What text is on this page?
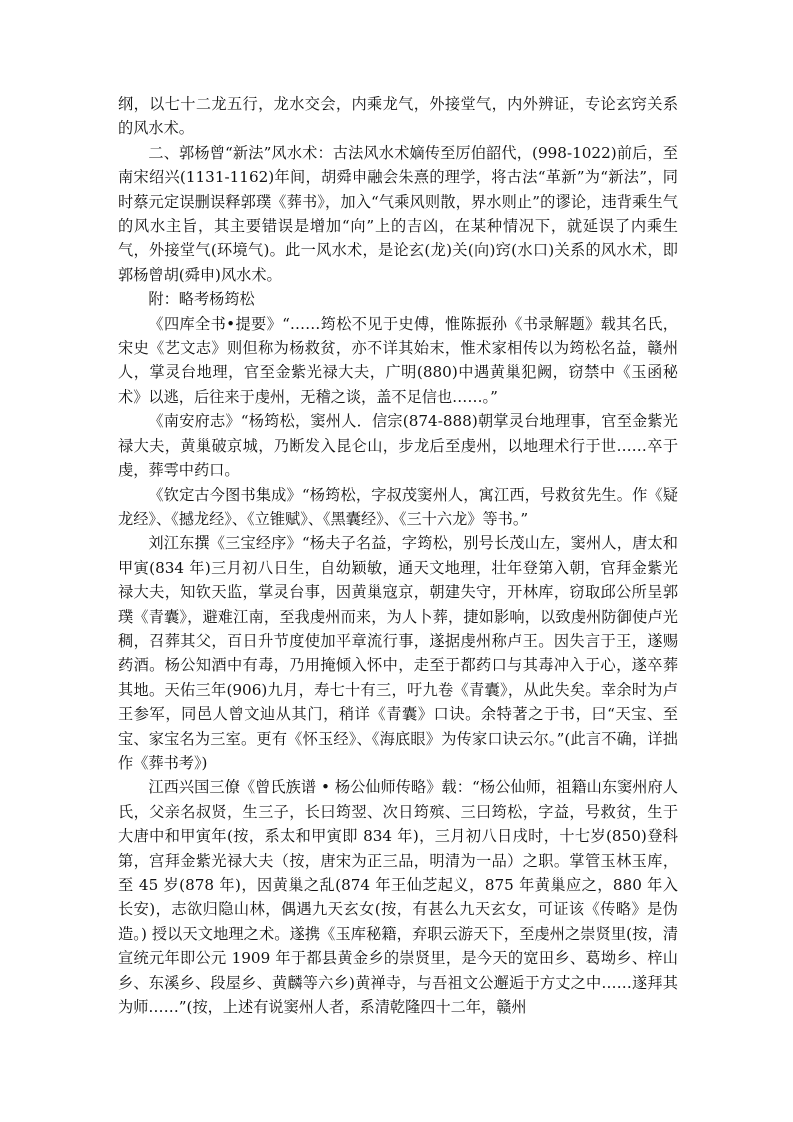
纲，以七十二龙五行，龙水交会，内乘龙气，外接堂气，内外辨证，专论玄窍关系的风水术。

二、郭杨曾“新法”风水术：古法风水术嫡传至厉伯韶代，(998-1022)前后，至南宋绍兴(1131-1162)年间，胡舜申融会朱熹的理学，将古法“革新”为“新法”，同时蔡元定误删误释郭璞《葬书》，加入“气乘风则散，界水则止”的谬论，违背乘生气的风水主旨，其主要错误是增加“向”上的吉凶，在某种情况下，就延误了内乘生气，外接堂气(环境气)。此一风水术，是论玄(龙)关(向)窍(水口)关系的风水术，即郭杨曾胡(舜申)风水术。

附：略考杨筠松

《四库全书•提要》“……筠松不见于史傅，惟陈振孙《书录解题》载其名氏，宋史《艺文志》则但称为杨救贫，亦不详其始末，惟术家相传以为筠松名益，赣州人，掌灵台地理，官至金紫光禄大夫，广明(880)中遇黄巢犯阙，窃禁中《玉函秘术》以逃，后往来于虔州，无稽之谈，盖不足信也……。”

《南安府志》“杨筠松，窦州人．信宗(874-888)朝掌灵台地理事，官至金紫光禄大夫，黄巢破京城，乃断发入昆仑山，步龙后至虔州，以地理术行于世……卒于虔，葬雩中药口。

《钦定古今图书集成》“杨筠松，字叔茂窦州人，寓江西，号救贫先生。作《疑龙经》、《撼龙经》、《立锥赋》、《黑囊经》、《三十六龙》等书。”

刘江东撰《三宝经序》“杨夫子名益，字筠松，别号长茂山左，窦州人，唐太和甲寅(834 年)三月初八日生，自幼颖敏，通天文地理，壮年登第入朝，官拜金紫光禄大夫，知钦天监，掌灵台事，因黄巢寇京，朝建失守，开林库，窃取邱公所呈郭璞《青囊》，避难江南，至我虔州而来，为人卜葬，捷如影响，以致虔州防御使卢光稠，召葬其父，百日升节度使加平章流行事，遂据虔州称卢王。因失言于王，遂赐药酒。杨公知酒中有毒，乃用掩倾入怀中，走至于都药口与其毒冲入于心，遂卒葬其地。天佑三年(906)九月，寿七十有三，吁九卷《青囊》，从此失矣。幸余时为卢王参军，同邑人曾文辿从其门，稍详《青囊》口诀。余特著之于书，曰“天宝、至宝、家宝名为三室。更有《怀玉经》、《海底眼》为传家口诀云尔。”(此言不确，详拙作《葬书考》)

江西兴国三僚《曾氏族谱 • 杨公仙师传略》载：“杨公仙师，祖籍山东窦州府人氏，父亲名叔贤，生三子，长曰筠翌、次日筠殡、三曰筠松，字益，号救贫，生于大唐中和甲寅年(按，系太和甲寅即 834 年)，三月初八日戌时，十七岁(850)登科第，宫拜金紫光禄大夫（按，唐宋为正三品，明清为一品）之职。掌管玉林玉库，至 45 岁(878 年)，因黄巢之乱(874 年王仙芝起义，875 年黄巢应之，880 年入长安)，志欲归隐山林，偶遇九天玄女(按，有甚么九天玄女，可证该《传略》是伪造。) 授以天文地理之术。遂携《玉库秘籍，弃职云游天下，至虔州之崇贤里(按，清宣统元年即公元 1909 年于都县黄金乡的崇贤里，是今天的宽田乡、葛坳乡、梓山乡、东溪乡、段屋乡、黄麟等六乡)黄禅寺，与吾祖文公邂逅于方丈之中……遂拜其为师……”(按，上述有说窦州人者，系清乾隆四十二年，赣州
